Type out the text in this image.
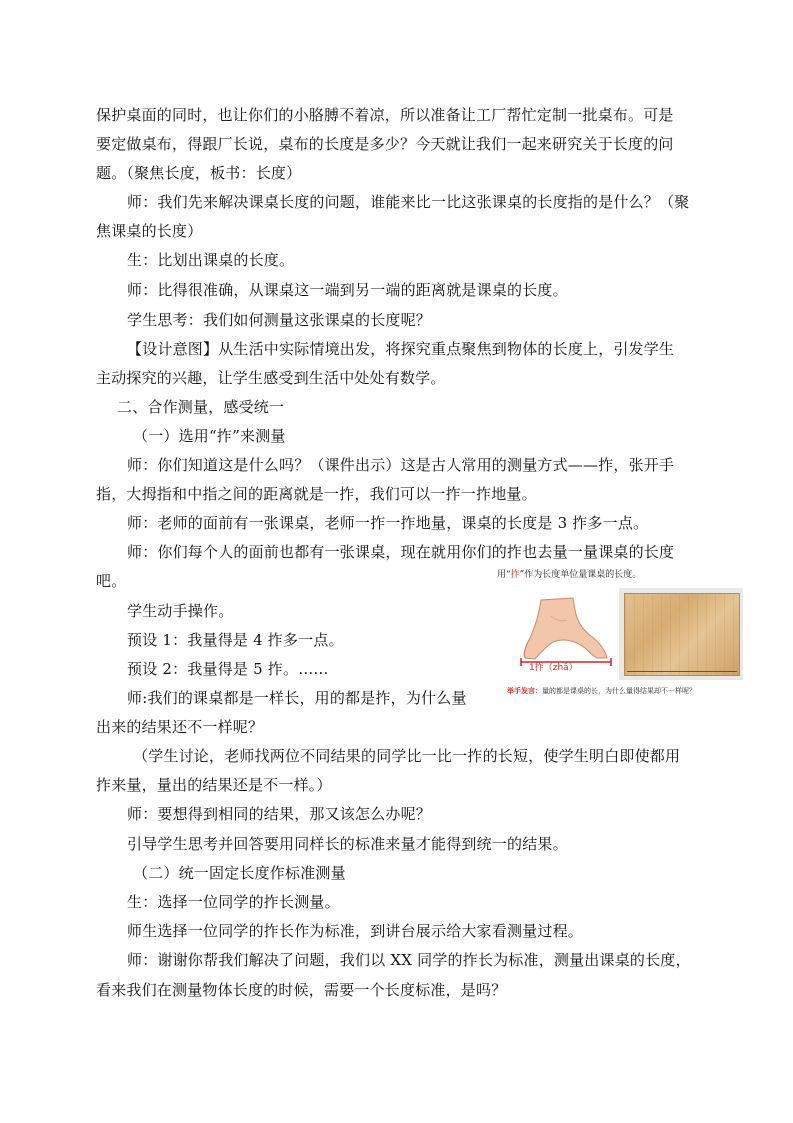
保护桌面的同时，也让你们的小胳膊不着凉，所以准备让工厂帮忙定制一批桌布。可是
要定做桌布，得跟厂长说，桌布的长度是多少？今天就让我们一起来研究关于长度的问
题。（聚焦长度，板书：长度）
师：我们先来解决课桌长度的问题，谁能来比一比这张课桌的长度指的是什么？（聚
焦课桌的长度）
生：比划出课桌的长度。
师：比得很准确，从课桌这一端到另一端的距离就是课桌的长度。
学生思考：我们如何测量这张课桌的长度呢？
【设计意图】从生活中实际情境出发，将探究重点聚焦到物体的长度上，引发学生
主动探究的兴趣，让学生感受到生活中处处有数学。
二、合作测量，感受统一
（一）选用“拃”来测量
师：你们知道这是什么吗？（课件出示）这是古人常用的测量方式——拃，张开手
指，大拇指和中指之间的距离就是一拃，我们可以一拃一拃地量。
师：老师的面前有一张课桌，老师一拃一拃地量，课桌的长度是 3 拃多一点。
师：你们每个人的面前也都有一张课桌，现在就用你们的拃也去量一量课桌的长度
吧。
学生动手操作。
预设 1：我量得是 4 拃多一点。
预设 2：我量得是 5 拃。……
师:我们的课桌都是一样长，用的都是拃，为什么量
出来的结果还不一样呢？
（学生讨论，老师找两位不同结果的同学比一比一拃的长短，使学生明白即使都用
拃来量，量出的结果还是不一样。）
师：要想得到相同的结果，那又该怎么办呢？
引导学生思考并回答要用同样长的标准来量才能得到统一的结果。
（二）统一固定长度作标准测量
生：选择一位同学的拃长测量。
师生选择一位同学的拃长作为标准，到讲台展示给大家看测量过程。
师：谢谢你帮我们解决了问题，我们以 XX 同学的拃长为标准，测量出课桌的长度，
看来我们在测量物体长度的时候，需要一个长度标准，是吗？
用“拃”作为长度单位量课桌的长度。
1拃（zhǎ）
举手发言：量的都是课桌的长，为什么量得结果却不一样呢？
